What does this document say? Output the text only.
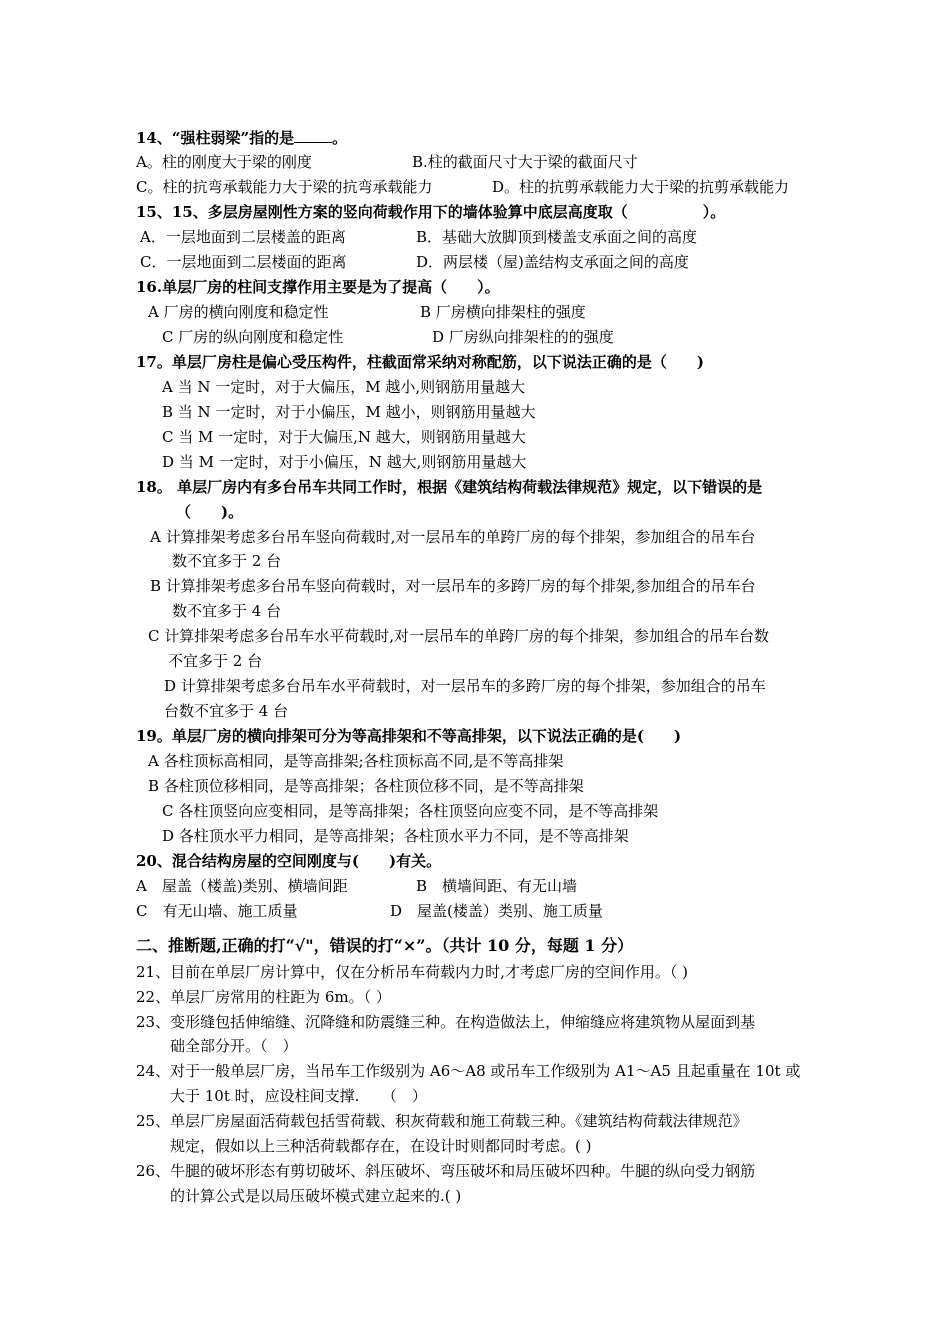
14、“强柱弱梁”指的是	。
A。柱的刚度大于梁的刚度	B.柱的截面尺寸大于梁的截面尺寸
C。柱的抗弯承载能力大于梁的抗弯承载能力	D。柱的抗剪承载能力大于梁的抗剪承载能力
15、15、多层房屋刚性方案的竖向荷载作用下的墙体验算中底层高度取（　　　　　）。
A．一层地面到二层楼盖的距离	B．基础大放脚顶到楼盖支承面之间的高度
C．一层地面到二层楼面的距离	D．两层楼（屋)盖结构支承面之间的高度
16.单层厂房的柱间支撑作用主要是为了提高（　　）。
A 厂房的横向刚度和稳定性	B 厂房横向排架柱的强度
C 厂房的纵向刚度和稳定性	D 厂房纵向排架柱的的强度
17。单层厂房柱是偏心受压构件，柱截面常采纳对称配筋，以下说法正确的是（　　)
A 当 N 一定时，对于大偏压，M 越小,则钢筋用量越大
B 当 N 一定时，对于小偏压，M 越小，则钢筋用量越大
C 当 M 一定时，对于大偏压,N 越大，则钢筋用量越大
D 当 M 一定时，对于小偏压，N 越大,则钢筋用量越大
18。 单层厂房内有多台吊车共同工作时，根据《建筑结构荷载法律规范》规定，以下错误的是
（　　)。
A 计算排架考虑多台吊车竖向荷载时,对一层吊车的单跨厂房的每个排架，参加组合的吊车台
数不宜多于 2 台
B 计算排架考虑多台吊车竖向荷载时，对一层吊车的多跨厂房的每个排架,参加组合的吊车台
数不宜多于 4 台
C 计算排架考虑多台吊车水平荷载时,对一层吊车的单跨厂房的每个排架，参加组合的吊车台数
不宜多于 2 台
D 计算排架考虑多台吊车水平荷载时，对一层吊车的多跨厂房的每个排架，参加组合的吊车
台数不宜多于 4 台
19。单层厂房的横向排架可分为等高排架和不等高排架，以下说法正确的是(　　)
A 各柱顶标高相同，是等高排架;各柱顶标高不同,是不等高排架
B 各柱顶位移相同，是等高排架；各柱顶位移不同，是不等高排架
C 各柱顶竖向应变相同，是等高排架；各柱顶竖向应变不同，是不等高排架
D 各柱顶水平力相同，是等高排架；各柱顶水平力不同，是不等高排架
20、混合结构房屋的空间刚度与(　　)有关。
A　屋盖（楼盖)类别、横墙间距	B　横墙间距、有无山墙
C　有无山墙、施工质量	D　屋盖(楼盖）类别、施工质量
二、推断题,正确的打“√"，错误的打“×”。（共计 10 分，每题 1 分）
21、目前在单层厂房计算中，仅在分析吊车荷载内力时,才考虑厂房的空间作用。（ )
22、单层厂房常用的柱距为 6m。（ ）
23、变形缝包括伸缩缝、沉降缝和防震缝三种。在构造做法上，伸缩缝应将建筑物从屋面到基
础全部分开。（　）
24、对于一般单层厂房，当吊车工作级别为 A6～A8 或吊车工作级别为 A1～A5 且起重量在 10t 或
大于 10t 时，应设柱间支撑.　　（　）
25、单层厂房屋面活荷载包括雪荷载、积灰荷载和施工荷载三种。《建筑结构荷载法律规范》
规定，假如以上三种活荷载都存在，在设计时则都同时考虑。( )
26、牛腿的破坏形态有剪切破坏、斜压破坏、弯压破坏和局压破坏四种。牛腿的纵向受力钢筋
的计算公式是以局压破坏模式建立起来的.( )
